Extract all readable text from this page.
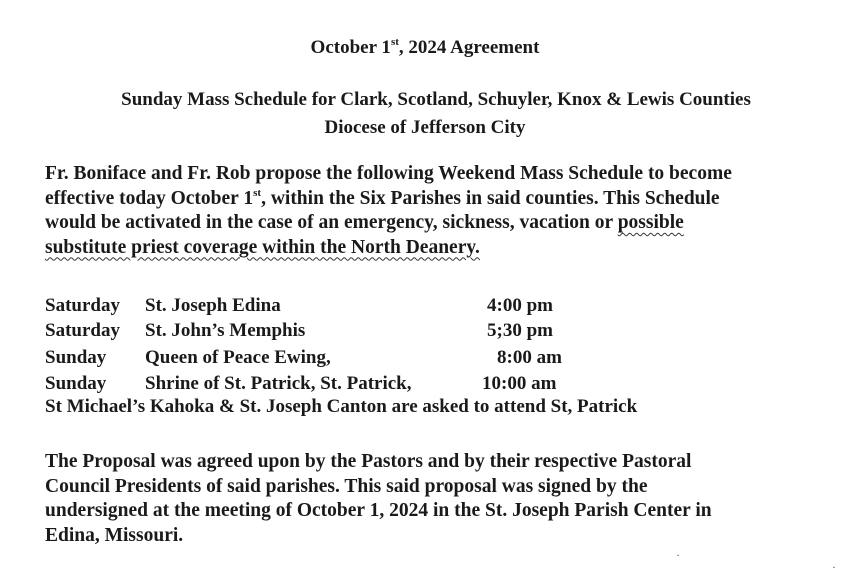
October 1st, 2024 Agreement
Sunday Mass Schedule for Clark, Scotland, Schuyler, Knox & Lewis Counties
Diocese of Jefferson City
Fr. Boniface and Fr. Rob propose the following Weekend Mass Schedule to become
effective today October 1st, within the Six Parishes in said counties. This Schedule
would be activated in the case of an emergency, sickness, vacation or possible
substitute priest coverage within the North Deanery.
Saturday St. Joseph Edina	4:00 pm
Saturday St. John’s Memphis	5;30 pm
Sunday Queen of Peace Ewing,	8:00 am
Sunday Shrine of St. Patrick, St. Patrick,	10:00 am
St Michael’s Kahoka & St. Joseph Canton are asked to attend St, Patrick
The Proposal was agreed upon by the Pastors and by their respective Pastoral
Council Presidents of said parishes. This said proposal was signed by the
undersigned at the meeting of October 1, 2024 in the St. Joseph Parish Center in
Edina, Missouri.
·
·
